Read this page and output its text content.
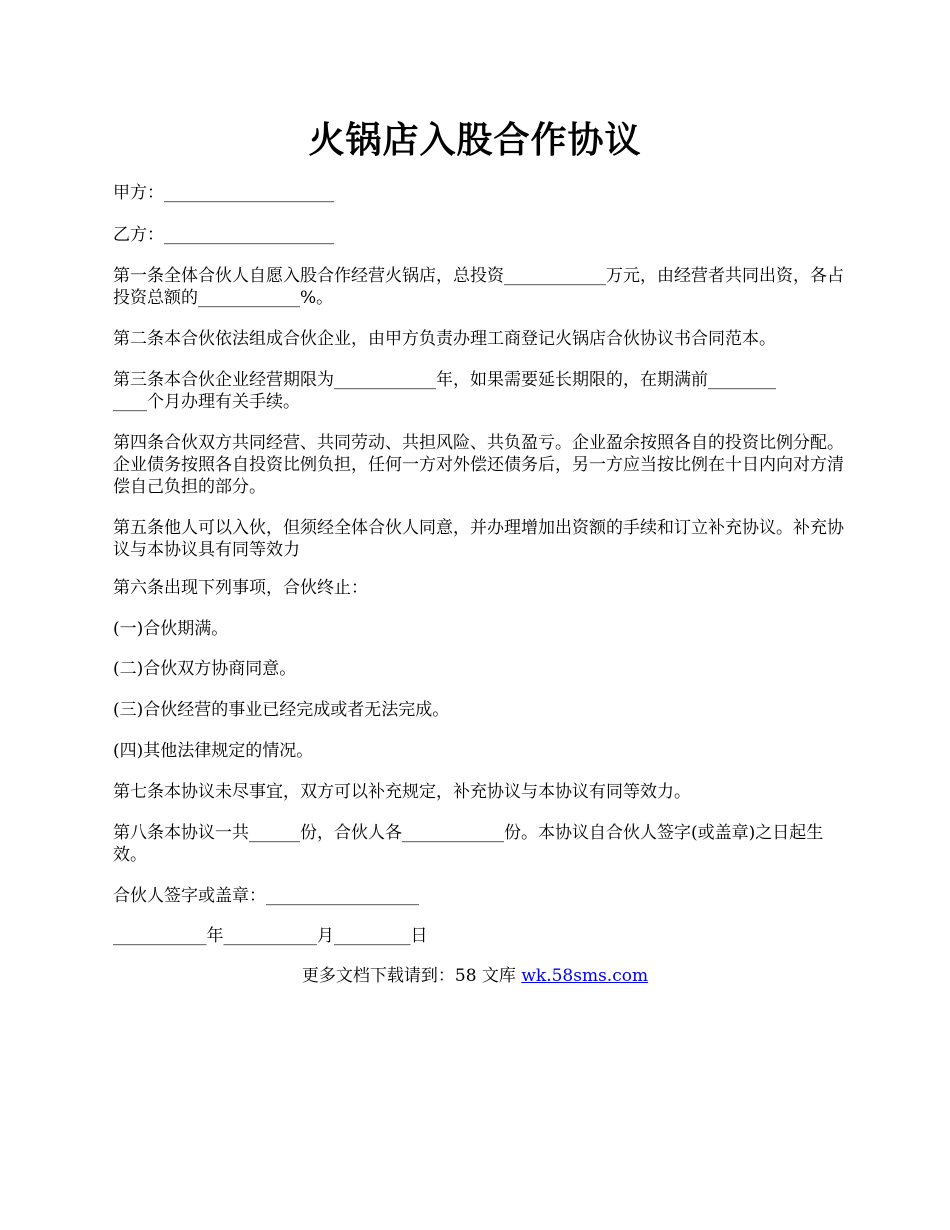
火锅店入股合作协议
甲方：____________________
乙方：____________________
第一条全体合伙人自愿入股合作经营火锅店，总投资____________万元，由经营者共同出资，各占投资总额的____________%。
第二条本合伙依法组成合伙企业，由甲方负责办理工商登记火锅店合伙协议书合同范本。
第三条本合伙企业经营期限为____________年，如果需要延长期限的，在期满前________
____个月办理有关手续。
第四条合伙双方共同经营、共同劳动、共担风险、共负盈亏。企业盈余按照各自的投资比例分配。企业债务按照各自投资比例负担，任何一方对外偿还债务后，另一方应当按比例在十日内向对方清偿自己负担的部分。
第五条他人可以入伙，但须经全体合伙人同意，并办理增加出资额的手续和订立补充协议。补充协议与本协议具有同等效力
第六条出现下列事项，合伙终止：
(一)合伙期满。
(二)合伙双方协商同意。
(三)合伙经营的事业已经完成或者无法完成。
(四)其他法律规定的情况。
第七条本协议未尽事宜，双方可以补充规定，补充协议与本协议有同等效力。
第八条本协议一共______份，合伙人各____________份。本协议自合伙人签字(或盖章)之日起生效。
合伙人签字或盖章：__________________
___________年___________月_________日
更多文档下载请到：58 文库 wk.58sms.com
